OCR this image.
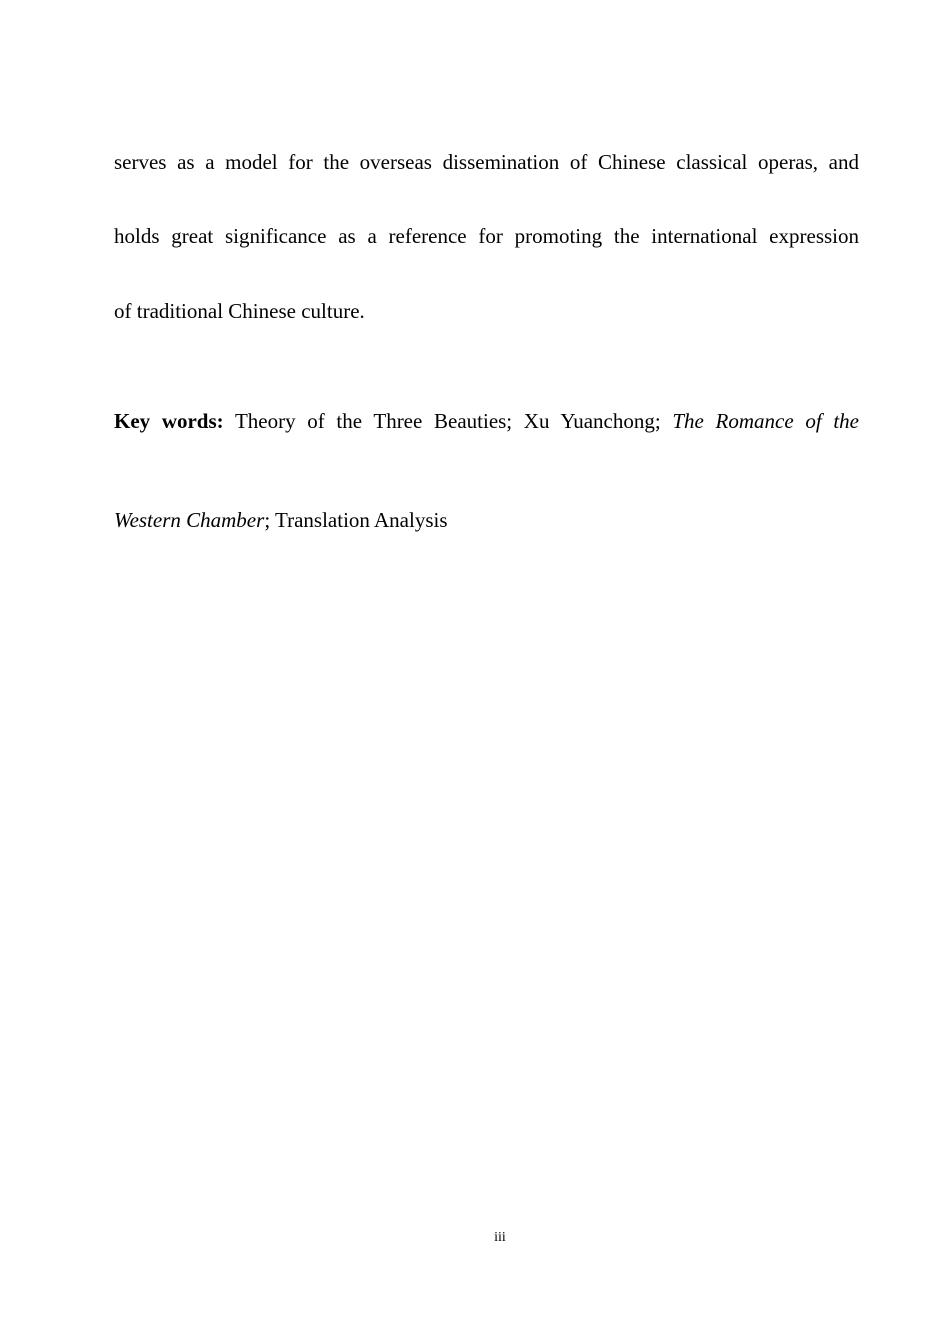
serves as a model for the overseas dissemination of Chinese classical operas, and
holds great significance as a reference for promoting the international expression
of traditional Chinese culture.
Key words: Theory of the Three Beauties; Xu Yuanchong; The Romance of the
Western Chamber; Translation Analysis
iii
